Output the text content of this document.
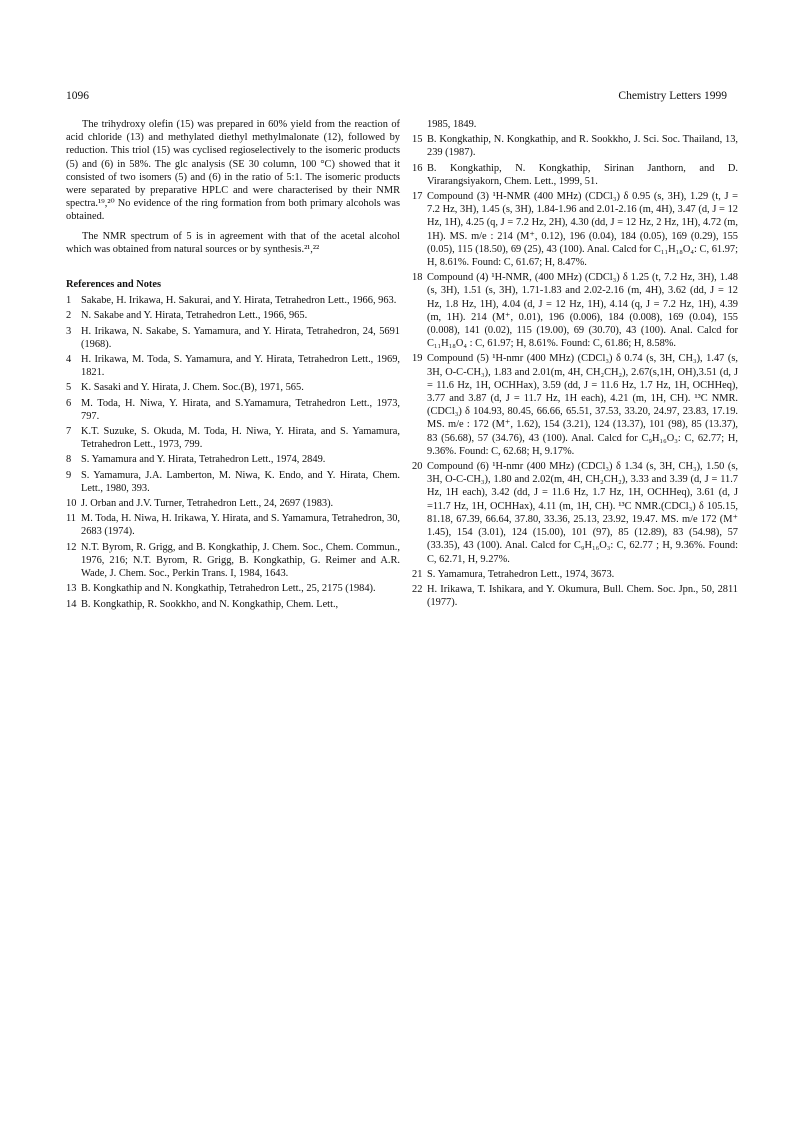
1096	Chemistry Letters 1999

The trihydroxy olefin (15) was prepared in 60% yield from the reaction of acid chloride (13) and methylated diethyl methylmalonate (12), followed by reduction. This triol (15) was cyclised regioselectively to the isomeric products (5) and (6) in 58%. The glc analysis (SE 30 column, 100 °C) showed that it consisted of two isomers (5) and (6) in the ratio of 5:1. The isomeric products were separated by preparative HPLC and were characterised by their NMR spectra.¹⁹,²⁰ No evidence of the ring formation from both primary alcohols was obtained.

The NMR spectrum of 5 is in agreement with that of the acetal alcohol which was obtained from natural sources or by synthesis.²¹,²²

References and Notes
1 Sakabe, H. Irikawa, H. Sakurai, and Y. Hirata, Tetrahedron Lett., 1966, 963.
2 N. Sakabe and Y. Hirata, Tetrahedron Lett., 1966, 965.
3 H. Irikawa, N. Sakabe, S. Yamamura, and Y. Hirata, Tetrahedron, 24, 5691 (1968).
4 H. Irikawa, M. Toda, S. Yamamura, and Y. Hirata, Tetrahedron Lett., 1969, 1821.
5 K. Sasaki and Y. Hirata, J. Chem. Soc.(B), 1971, 565.
6 M. Toda, H. Niwa, Y. Hirata, and S.Yamamura, Tetrahedron Lett., 1973, 797.
7 K.T. Suzuke, S. Okuda, M. Toda, H. Niwa, Y. Hirata, and S. Yamamura, Tetrahedron Lett., 1973, 799.
8 S. Yamamura and Y. Hirata, Tetrahedron Lett., 1974, 2849.
9 S. Yamamura, J.A. Lamberton, M. Niwa, K. Endo, and Y. Hirata, Chem. Lett., 1980, 393.
10 J. Orban and J.V. Turner, Tetrahedron Lett., 24, 2697 (1983).
11 M. Toda, H. Niwa, H. Irikawa, Y. Hirata, and S. Yamamura, Tetrahedron, 30, 2683 (1974).
12 N.T. Byrom, R. Grigg, and B. Kongkathip, J. Chem. Soc., Chem. Commun., 1976, 216; N.T. Byrom, R. Grigg, B. Kongkathip, G. Reimer and A.R. Wade, J. Chem. Soc., Perkin Trans. I, 1984, 1643.
13 B. Kongkathip and N. Kongkathip, Tetrahedron Lett., 25, 2175 (1984).
14 B. Kongkathip, R. Sookkho, and N. Kongkathip, Chem. Lett.,
1985, 1849.
15 B. Kongkathip, N. Kongkathip, and R. Sookkho, J. Sci. Soc. Thailand, 13, 239 (1987).
16 B. Kongkathip, N. Kongkathip, Sirinan Janthorn, and D. Virarangsiyakorn, Chem. Lett., 1999, 51.
17 Compound (3) ¹H-NMR (400 MHz) (CDCl₃) δ 0.95 (s, 3H), 1.29 (t, J = 7.2 Hz, 3H), 1.45 (s, 3H), 1.84-1.96 and 2.01-2.16 (m, 4H), 3.47 (d, J = 12 Hz, 1H), 4.25 (q, J = 7.2 Hz, 2H), 4.30 (dd, J = 12 Hz, 2 Hz, 1H), 4.72 (m, 1H). MS. m/e : 214 (M⁺, 0.12), 196 (0.04), 184 (0.05), 169 (0.29), 155 (0.05), 115 (18.50), 69 (25), 43 (100). Anal. Calcd for C₁₁H₁₈O₄: C, 61.97; H, 8.61%. Found: C, 61.67; H, 8.47%.
18 Compound (4) ¹H-NMR, (400 MHz) (CDCl₃) δ 1.25 (t, 7.2 Hz, 3H), 1.48 (s, 3H), 1.51 (s, 3H), 1.71-1.83 and 2.02-2.16 (m, 4H), 3.62 (dd, J = 12 Hz, 1.8 Hz, 1H), 4.04 (d, J = 12 Hz, 1H), 4.14 (q, J = 7.2 Hz, 1H), 4.39 (m, 1H). 214 (M⁺, 0.01), 196 (0.006), 184 (0.008), 169 (0.04), 155 (0.008), 141 (0.02), 115 (19.00), 69 (30.70), 43 (100). Anal. Calcd for C₁₁H₁₈O₄ : C, 61.97; H, 8.61%. Found: C, 61.86; H, 8.58%.
19 Compound (5) ¹H-nmr (400 MHz) (CDCl₃) δ 0.74 (s, 3H, CH₃), 1.47 (s, 3H, O-C-CH₃), 1.83 and 2.01(m, 4H, CH₂CH₂), 2.67(s,1H, OH),3.51 (d, J = 11.6 Hz, 1H, OCHHax), 3.59 (dd, J = 11.6 Hz, 1.7 Hz, 1H, OCHHeq), 3.77 and 3.87 (d, J = 11.7 Hz, 1H each), 4.21 (m, 1H, CH). ¹³C NMR.(CDCl₃) δ 104.93, 80.45, 66.66, 65.51, 37.53, 33.20, 24.97, 23.83, 17.19. MS. m/e : 172 (M⁺, 1.62), 154 (3.21), 124 (13.37), 101 (98), 85 (13.37), 83 (56.68), 57 (34.76), 43 (100). Anal. Calcd for C₉H₁₆O₃: C, 62.77; H, 9.36%. Found: C, 62.68; H, 9.17%.
20 Compound (6) ¹H-nmr (400 MHz) (CDCl₃) δ 1.34 (s, 3H, CH₃), 1.50 (s, 3H, O-C-CH₃), 1.80 and 2.02(m, 4H, CH₂CH₂), 3.33 and 3.39 (d, J = 11.7 Hz, 1H each), 3.42 (dd, J = 11.6 Hz, 1.7 Hz, 1H, OCHHeq), 3.61 (d, J =11.7 Hz, 1H, OCHHax), 4.11 (m, 1H, CH). ¹³C NMR.(CDCl₃) δ 105.15, 81.18, 67.39, 66.64, 37.80, 33.36, 25.13, 23.92, 19.47. MS. m/e 172 (M⁺ 1.45), 154 (3.01), 124 (15.00), 101 (97), 85 (12.89), 83 (54.98), 57 (33.35), 43 (100). Anal. Calcd for C₉H₁₆O₃: C, 62.77 ; H, 9.36%. Found: C, 62.71, H, 9.27%.
21 S. Yamamura, Tetrahedron Lett., 1974, 3673.
22 H. Irikawa, T. Ishikara, and Y. Okumura, Bull. Chem. Soc. Jpn., 50, 2811 (1977).
